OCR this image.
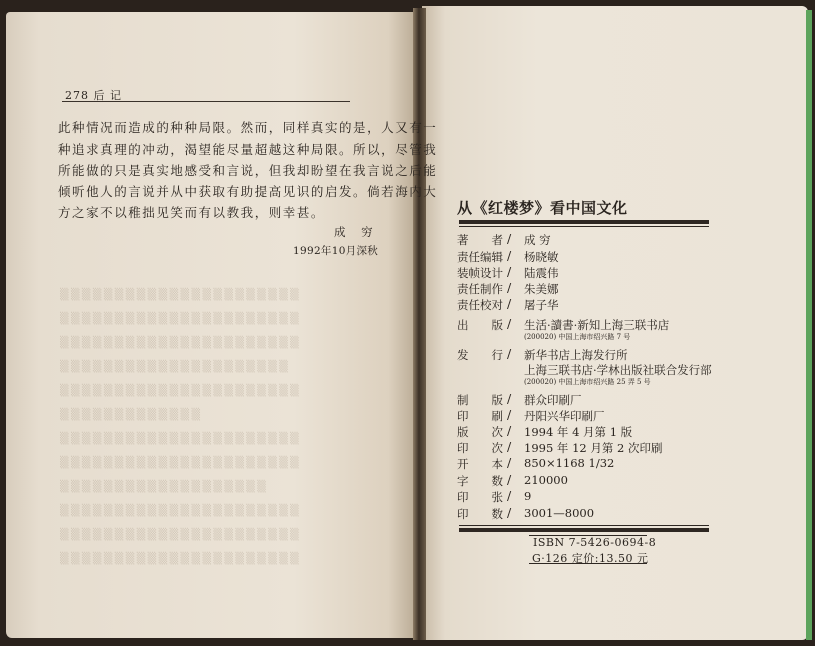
▒▒▒▒▒▒▒▒▒▒▒▒▒▒▒▒▒▒▒▒▒▒
▒▒▒▒▒▒▒▒▒▒▒▒▒▒▒▒▒▒▒▒▒▒
▒▒▒▒▒▒▒▒▒▒▒▒▒▒▒▒▒▒▒▒▒▒
▒▒▒▒▒▒▒▒▒▒▒▒▒▒▒▒▒▒▒▒▒
▒▒▒▒▒▒▒▒▒▒▒▒▒▒▒▒▒▒▒▒▒▒
▒▒▒▒▒▒▒▒▒▒▒▒▒
▒▒▒▒▒▒▒▒▒▒▒▒▒▒▒▒▒▒▒▒▒▒
▒▒▒▒▒▒▒▒▒▒▒▒▒▒▒▒▒▒▒▒▒▒
▒▒▒▒▒▒▒▒▒▒▒▒▒▒▒▒▒▒▒
▒▒▒▒▒▒▒▒▒▒▒▒▒▒▒▒▒▒▒▒▒▒
▒▒▒▒▒▒▒▒▒▒▒▒▒▒▒▒▒▒▒▒▒▒
▒▒▒▒▒▒▒▒▒▒▒▒▒▒▒▒▒▒▒▒▒▒
278 后 记
此种情况而造成的种种局限。然而，同样真实的是，人又有一
种追求真理的冲动，渴望能尽量超越这种局限。所以，尽管我
所能做的只是真实地感受和言说，但我却盼望在我言说之后能
倾听他人的言说并从中获取有助提高见识的启发。倘若海内大
方之家不以稚拙见笑而有以教我，则幸甚。
成 穷
1992年10月深秋
从《红楼梦》看中国文化
著 者 / 成 穷
责 任 编 辑 / 杨晓敏
装 帧 设 计 / 陆震伟
责 任 制 作 / 朱美娜
责 任 校 对 / 屠子华
出 版 / 生活·讀書·新知上海三联书店
(200020) 中国上海市绍兴路 7 号
发 行 / 新华书店上海发行所
上海三联书店·学林出版社联合发行部
(200020) 中国上海市绍兴路 25 弄 5 号
制 版 / 群众印刷厂
印 刷 / 丹阳兴华印刷厂
版 次 / 1994 年 4 月第 1 版
印 次 / 1995 年 12 月第 2 次印刷
开 本 / 850×1168 1/32
字 数 / 210000
印 张 / 9
印 数 / 3001—8000
ISBN 7-5426-0694-8
G·126 定价:13.50 元
